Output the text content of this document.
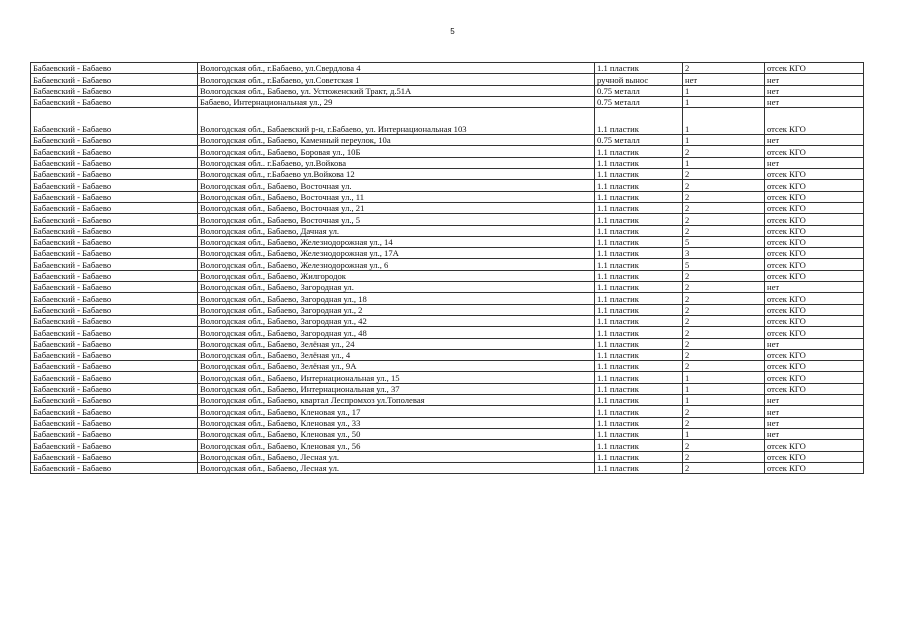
5
Бабаевский - Бабаево	Вологодская обл., г.Бабаево, ул.Свердлова 4	1.1 пластик	2	отсек КГО
Бабаевский - Бабаево	Вологодская обл., г.Бабаево, ул.Советская 1	ручной вынос	нет	нет
Бабаевский - Бабаево	Вологодская обл., Бабаево, ул. Устюженский Тракт, д.51А	0.75 металл	1	нет
Бабаевский - Бабаево	Бабаево, Интернациональная ул., 29	0.75 металл	1	нет
Бабаевский - Бабаево	Вологодская обл., Бабаевский р-н, г.Бабаево, ул. Интернациональная 103	1.1 пластик	1	отсек КГО
Бабаевский - Бабаево	Вологодская обл., Бабаево, Каменный переулок, 10а	0.75 металл	1	нет
Бабаевский - Бабаево	Вологодская обл., Бабаево, Боровая ул., 10Б	1.1 пластик	2	отсек КГО
Бабаевский - Бабаево	Вологодская обл.. г.Бабаево, ул.Войкова	1.1 пластик	1	нет
Бабаевский - Бабаево	Вологодская обл., г.Бабаево ул.Войкова 12	1.1 пластик	2	отсек КГО
Бабаевский - Бабаево	Вологодская обл., Бабаево, Восточная ул.	1.1 пластик	2	отсек КГО
Бабаевский - Бабаево	Вологодская обл., Бабаево, Восточная ул., 11	1.1 пластик	2	отсек КГО
Бабаевский - Бабаево	Вологодская обл., Бабаево, Восточная ул., 21	1.1 пластик	2	отсек КГО
Бабаевский - Бабаево	Вологодская обл., Бабаево, Восточная ул., 5	1.1 пластик	2	отсек КГО
Бабаевский - Бабаево	Вологодская обл., Бабаево, Дачная ул.	1.1 пластик	2	отсек КГО
Бабаевский - Бабаево	Вологодская обл., Бабаево, Железнодорожная ул., 14	1.1 пластик	5	отсек КГО
Бабаевский - Бабаево	Вологодская обл., Бабаево, Железнодорожная ул., 17А	1.1 пластик	3	отсек КГО
Бабаевский - Бабаево	Вологодская обл., Бабаево, Железнодорожная ул., 6	1.1 пластик	5	отсек КГО
Бабаевский - Бабаево	Вологодская обл., Бабаево, Жилгородок	1.1 пластик	2	отсек КГО
Бабаевский - Бабаево	Вологодская обл., Бабаево, Загородная ул.	1.1 пластик	2	нет
Бабаевский - Бабаево	Вологодская обл., Бабаево, Загородная ул., 18	1.1 пластик	2	отсек КГО
Бабаевский - Бабаево	Вологодская обл., Бабаево, Загородная ул., 2	1.1 пластик	2	отсек КГО
Бабаевский - Бабаево	Вологодская обл., Бабаево, Загородная ул., 42	1.1 пластик	2	отсек КГО
Бабаевский - Бабаево	Вологодская обл., Бабаево, Загородная ул., 48	1.1 пластик	2	отсек КГО
Бабаевский - Бабаево	Вологодская обл., Бабаево, Зелёная ул., 24	1.1 пластик	2	нет
Бабаевский - Бабаево	Вологодская обл., Бабаево, Зелёная ул., 4	1.1 пластик	2	отсек КГО
Бабаевский - Бабаево	Вологодская обл., Бабаево, Зелёная ул., 9А	1.1 пластик	2	отсек КГО
Бабаевский - Бабаево	Вологодская обл., Бабаево, Интернациональная ул., 15	1.1 пластик	1	отсек КГО
Бабаевский - Бабаево	Вологодская обл., Бабаево, Интернациональная ул., 37	1.1 пластик	1	отсек КГО
Бабаевский - Бабаево	Вологодская обл., Бабаево, квартал Леспромхоз ул.Тополевая	1.1 пластик	1	нет
Бабаевский - Бабаево	Вологодская обл., Бабаево, Кленовая ул., 17	1.1 пластик	2	нет
Бабаевский - Бабаево	Вологодская обл., Бабаево, Кленовая ул., 33	1.1 пластик	2	нет
Бабаевский - Бабаево	Вологодская обл., Бабаево, Кленовая ул., 50	1.1 пластик	1	нет
Бабаевский - Бабаево	Вологодская обл., Бабаево, Кленовая ул., 56	1.1 пластик	2	отсек КГО
Бабаевский - Бабаево	Вологодская обл., Бабаево, Лесная ул.	1.1 пластик	2	отсек КГО
Бабаевский - Бабаево	Вологодская обл., Бабаево, Лесная ул.	1.1 пластик	2	отсек КГО
